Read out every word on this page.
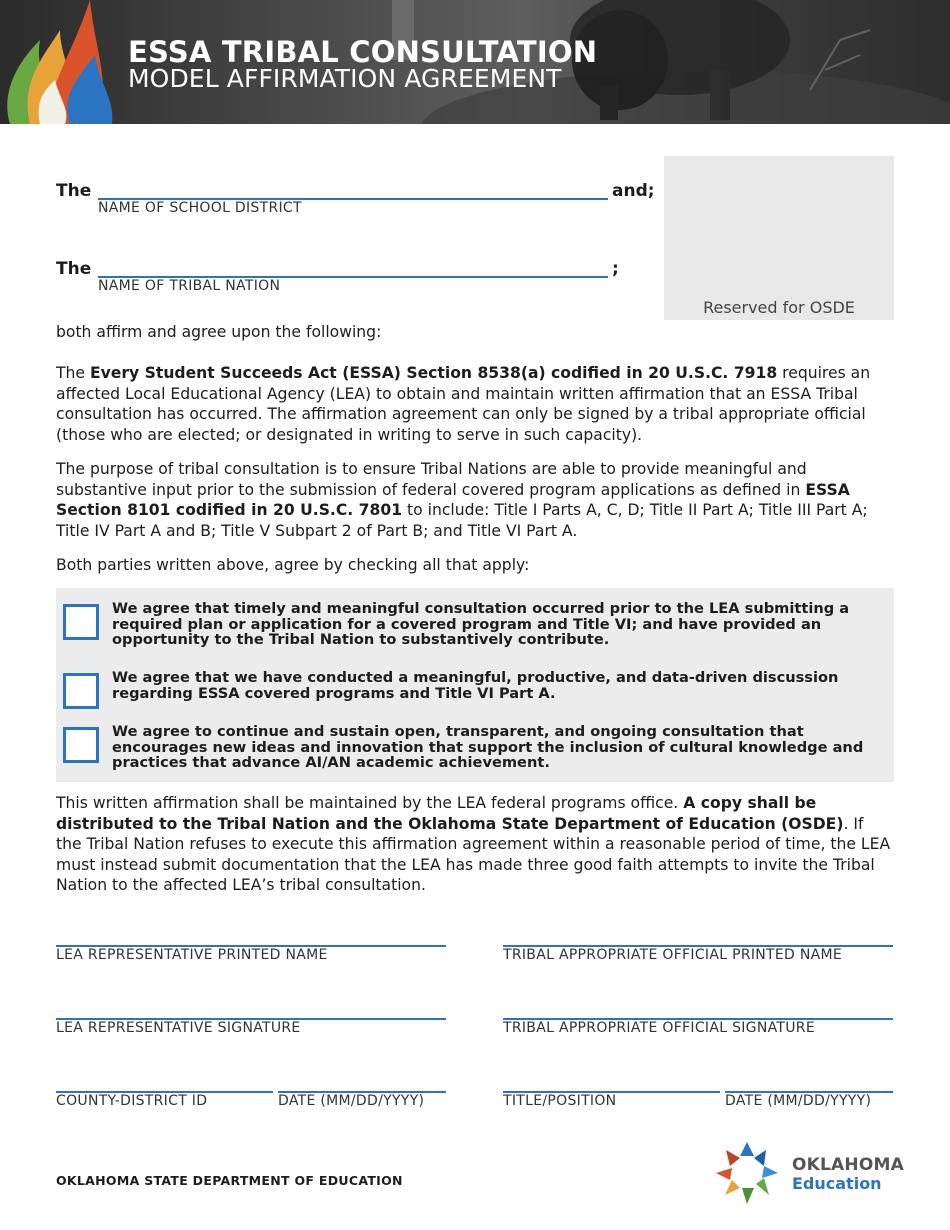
ESSA TRIBAL CONSULTATION
MODEL AFFIRMATION AGREEMENT
Reserved for OSDE
The	and;
NAME OF SCHOOL DISTRICT
The	;
NAME OF TRIBAL NATION

both affirm and agree upon the following:

The Every Student Succeeds Act (ESSA) Section 8538(a) codified in 20 U.S.C. 7918 requires an affected Local Educational Agency (LEA) to obtain and maintain written affirmation that an ESSA Tribal consultation has occurred. The affirmation agreement can only be signed by a tribal appropriate official (those who are elected; or designated in writing to serve in such capacity).

The purpose of tribal consultation is to ensure Tribal Nations are able to provide meaningful and substantive input prior to the submission of federal covered program applications as defined in ESSA Section 8101 codified in 20 U.S.C. 7801 to include: Title I Parts A, C, D; Title II Part A; Title III Part A; Title IV Part A and B; Title V Subpart 2 of Part B; and Title VI Part A.

Both parties written above, agree by checking all that apply:

We agree that timely and meaningful consultation occurred prior to the LEA submitting a required plan or application for a covered program and Title VI; and have provided an opportunity to the Tribal Nation to substantively contribute.

We agree that we have conducted a meaningful, productive, and data-driven discussion regarding ESSA covered programs and Title VI Part A.

We agree to continue and sustain open, transparent, and ongoing consultation that encourages new ideas and innovation that support the inclusion of cultural knowledge and practices that advance AI/AN academic achievement.

This written affirmation shall be maintained by the LEA federal programs office. A copy shall be distributed to the Tribal Nation and the Oklahoma State Department of Education (OSDE). If the Tribal Nation refuses to execute this affirmation agreement within a reasonable period of time, the LEA must instead submit documentation that the LEA has made three good faith attempts to invite the Tribal Nation to the affected LEA’s tribal consultation.

LEA REPRESENTATIVE PRINTED NAME	TRIBAL APPROPRIATE OFFICIAL PRINTED NAME
LEA REPRESENTATIVE SIGNATURE	TRIBAL APPROPRIATE OFFICIAL SIGNATURE
COUNTY-DISTRICT ID	DATE (MM/DD/YYYY)	TITLE/POSITION	DATE (MM/DD/YYYY)
OKLAHOMA STATE DEPARTMENT OF EDUCATION
OKLAHOMA
Education
